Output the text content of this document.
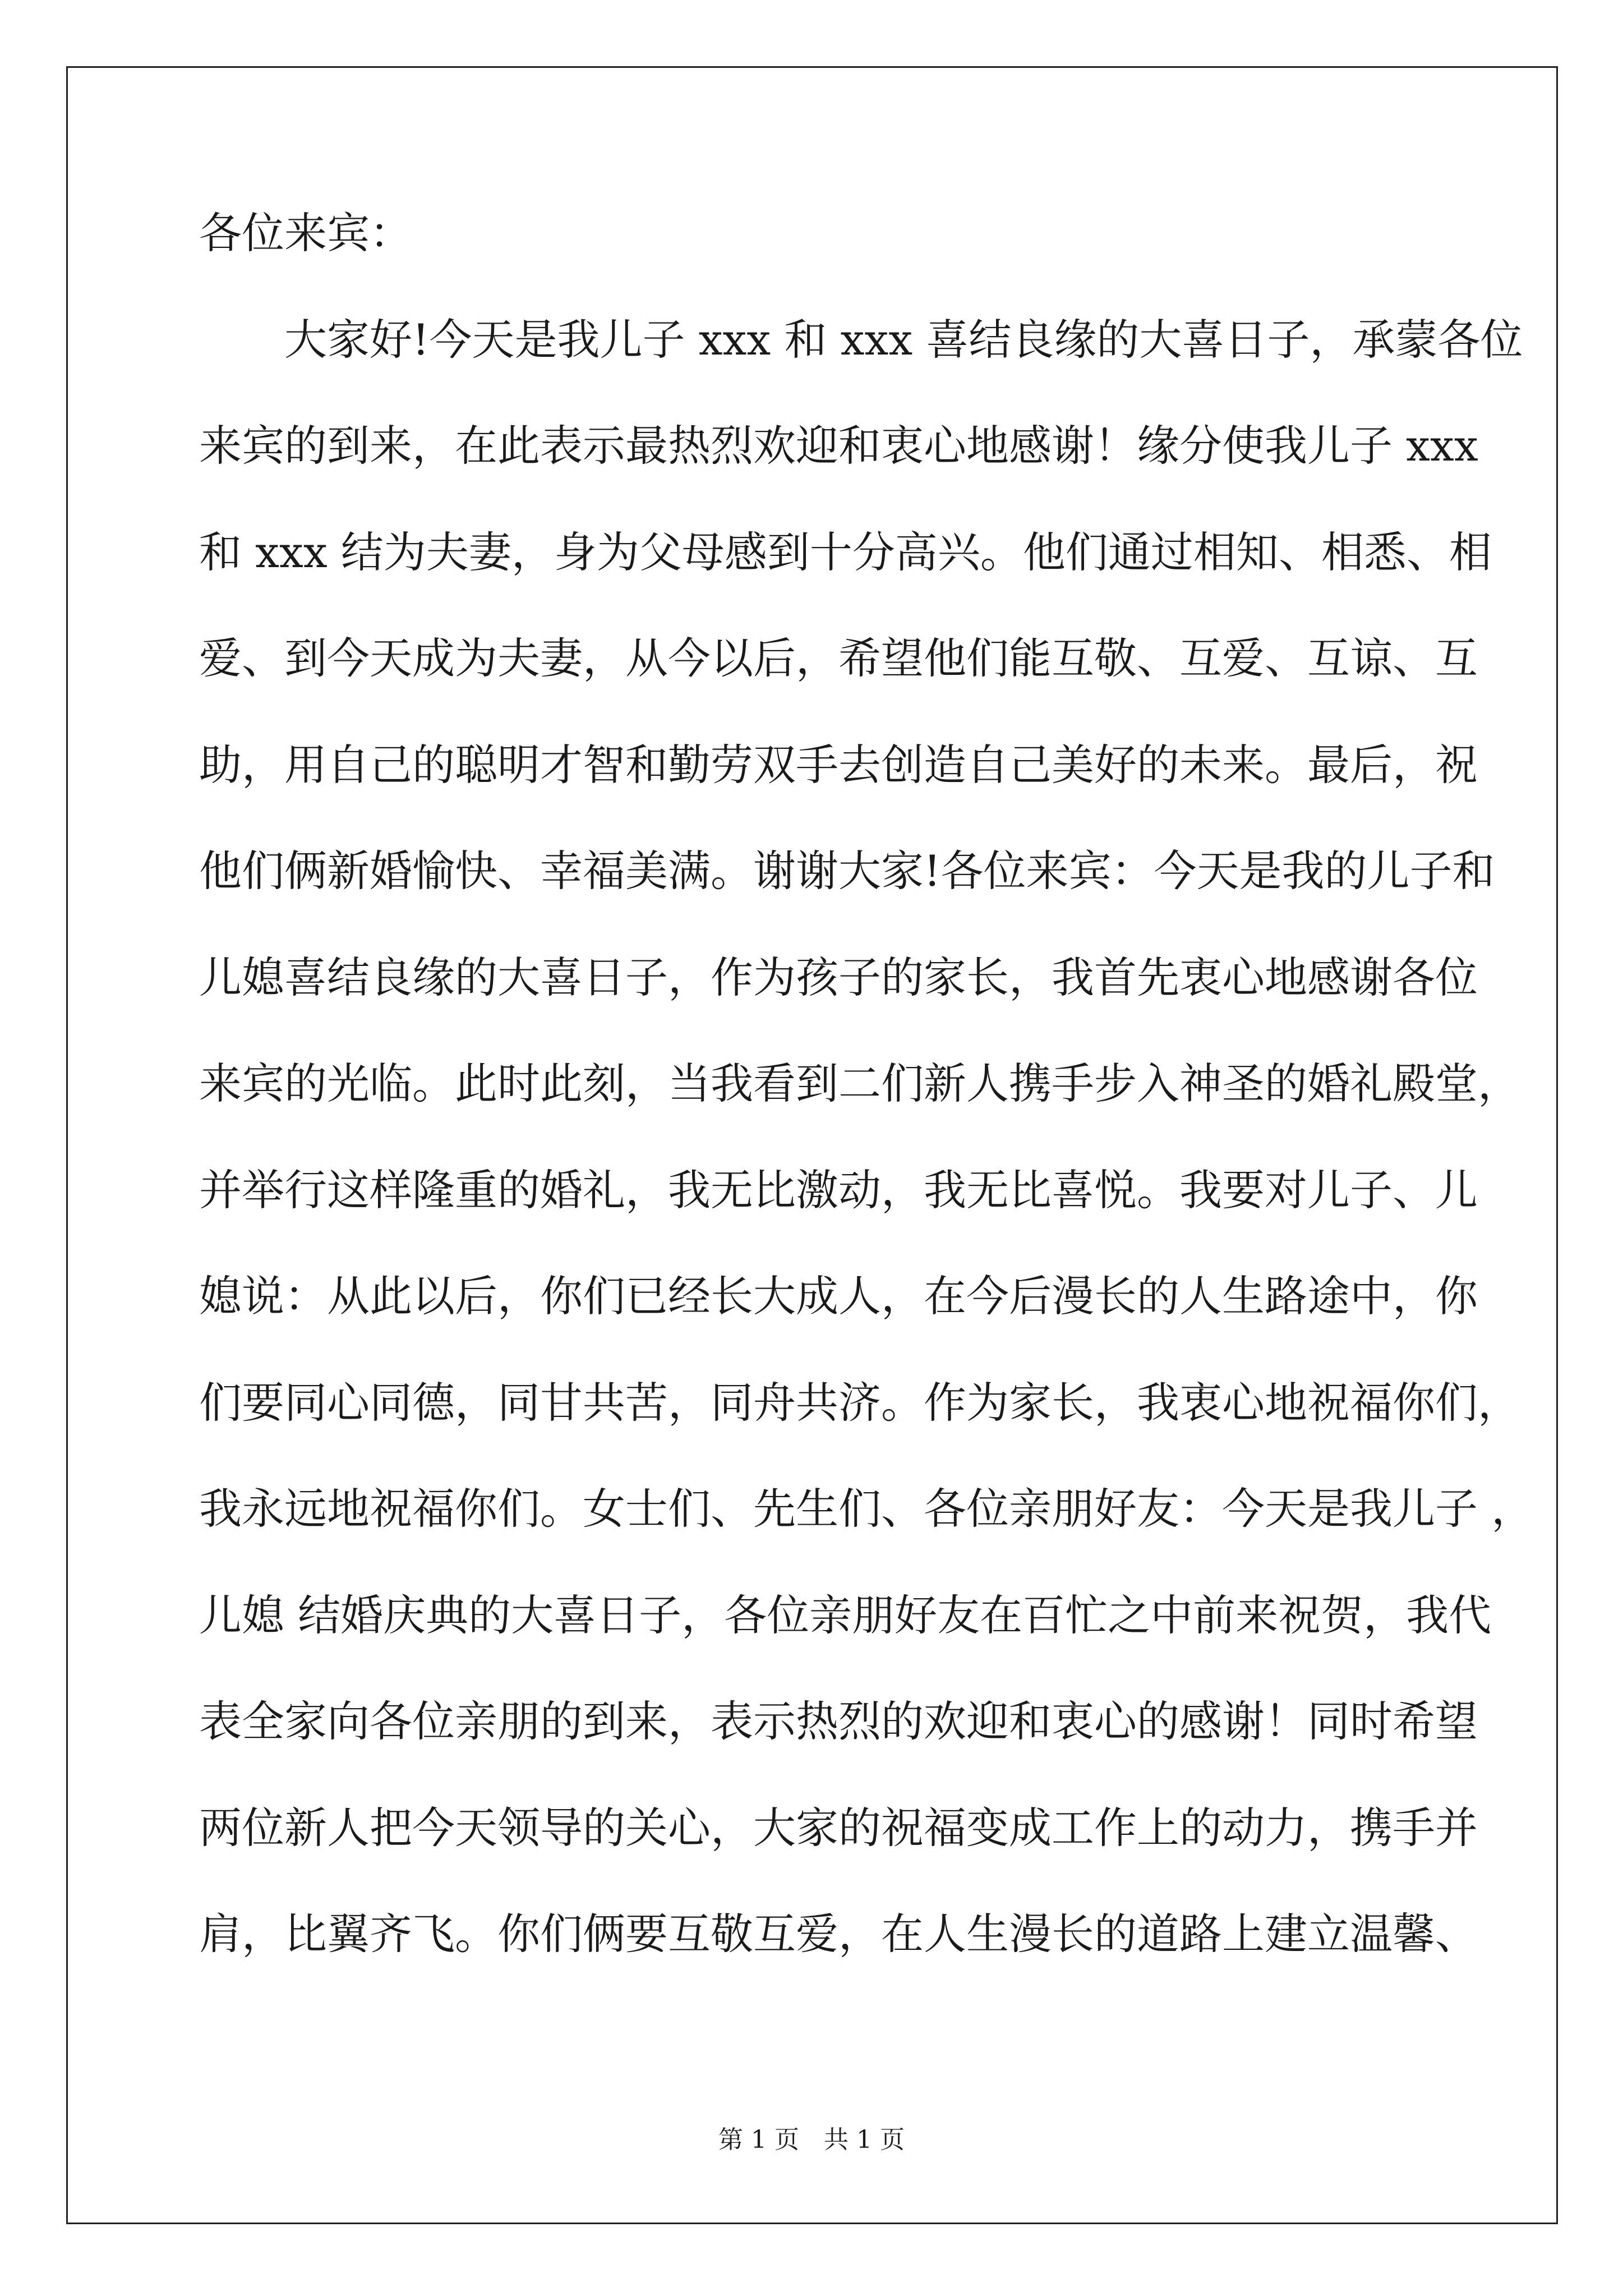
各位来宾：
大家好!今天是我儿子 xxx 和 xxx 喜结良缘的大喜日子，承蒙各位
来宾的到来，在此表示最热烈欢迎和衷心地感谢！缘分使我儿子 xxx
和 xxx 结为夫妻，身为父母感到十分高兴。他们通过相知、相悉、相
爱、到今天成为夫妻，从今以后，希望他们能互敬、互爱、互谅、互
助，用自己的聪明才智和勤劳双手去创造自己美好的未来。最后，祝
他们俩新婚愉快、幸福美满。谢谢大家!各位来宾：今天是我的儿子和
儿媳喜结良缘的大喜日子，作为孩子的家长，我首先衷心地感谢各位
来宾的光临。此时此刻，当我看到二们新人携手步入神圣的婚礼殿堂，
并举行这样隆重的婚礼，我无比激动，我无比喜悦。我要对儿子、儿
媳说：从此以后，你们已经长大成人，在今后漫长的人生路途中，你
们要同心同德，同甘共苦，同舟共济。作为家长，我衷心地祝福你们，
我永远地祝福你们。女士们、先生们、各位亲朋好友：今天是我儿子 ，
儿媳 结婚庆典的大喜日子，各位亲朋好友在百忙之中前来祝贺，我代
表全家向各位亲朋的到来，表示热烈的欢迎和衷心的感谢！同时希望
两位新人把今天领导的关心，大家的祝福变成工作上的动力，携手并
肩，比翼齐飞。你们俩要互敬互爱，在人生漫长的道路上建立温馨、
第 1 页　共 1 页
